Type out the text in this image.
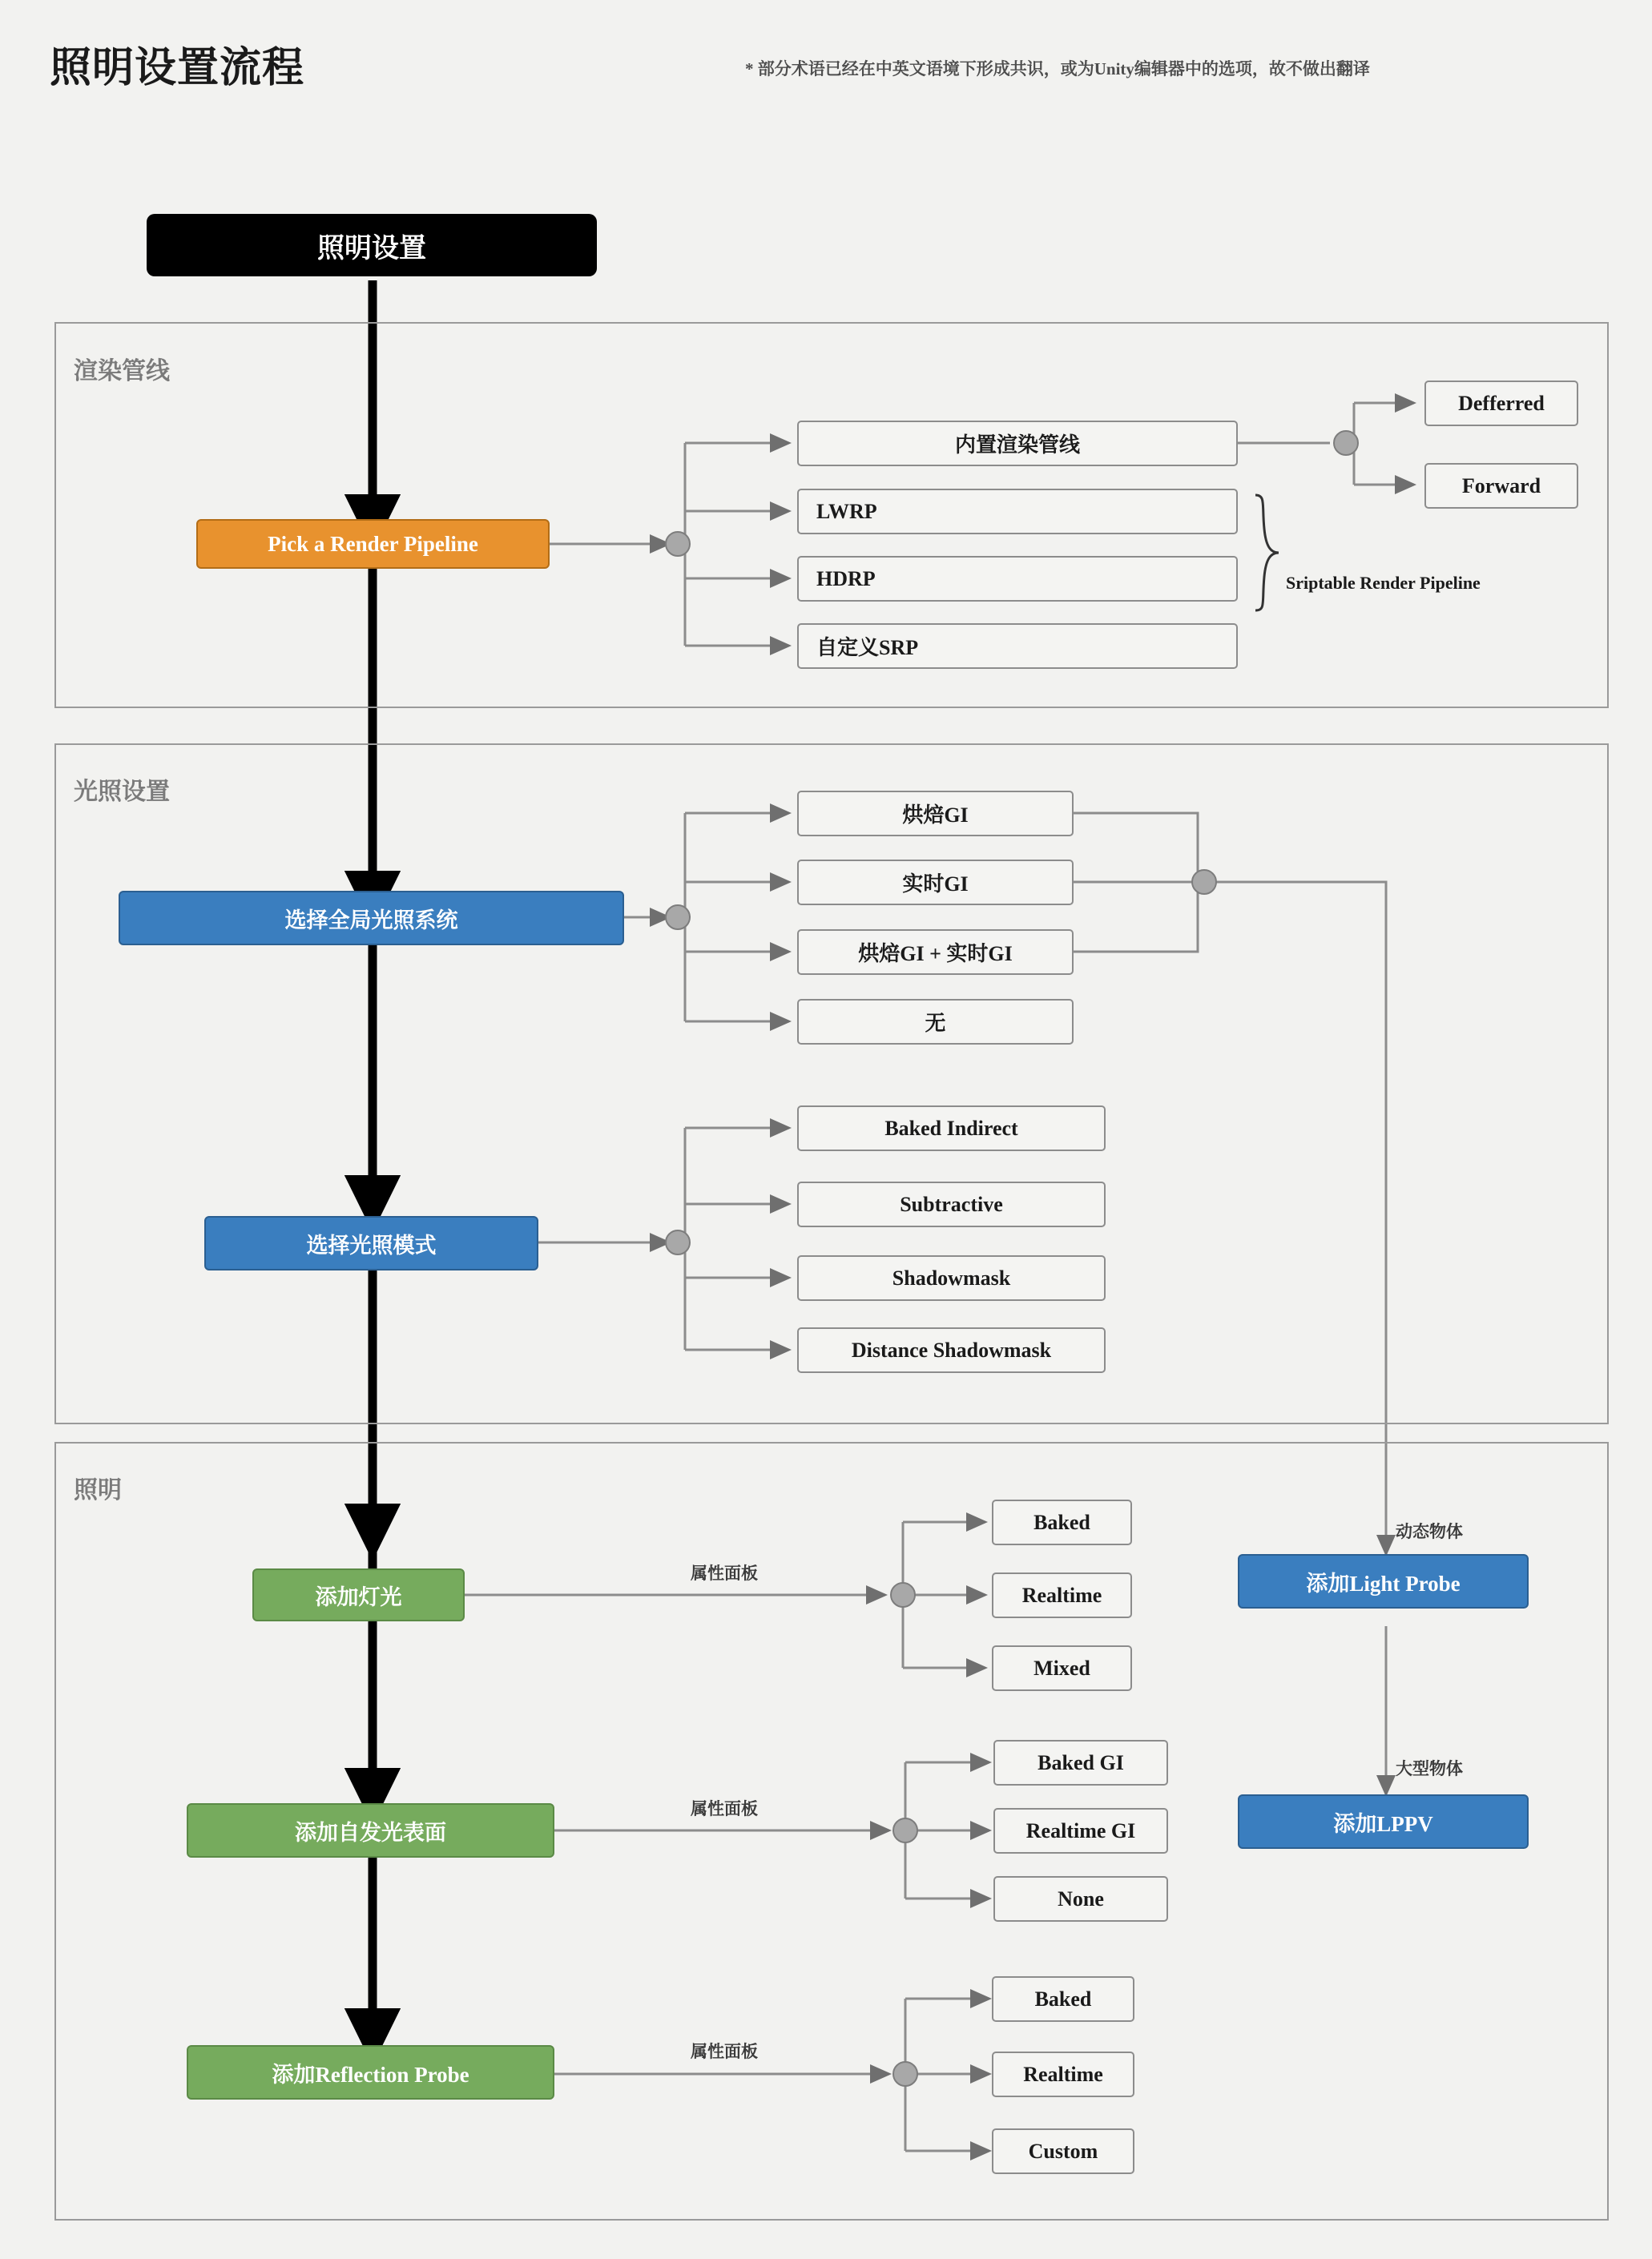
照明设置流程	* 部分术语已经在中英文语境下形成共识，或为Unity编辑器中的选项，故不做出翻译
渲染管线
光照设置
照明
照明设置
Pick a Render Pipeline
内置渲染管线
LWRP
HDRP
自定义SRP
Defferred
Forward
Sriptable Render Pipeline
选择全局光照系统
烘焙GI
实时GI
烘焙GI + 实时GI
无
选择光照模式
Baked Indirect
Subtractive
Shadowmask
Distance Shadowmask
添加灯光
属性面板
Baked
Realtime
Mixed
添加自发光表面
属性面板
Baked GI
Realtime GI
None
添加Reflection Probe
属性面板
Baked
Realtime
Custom
添加Light Probe
动态物体
添加LPPV
大型物体
